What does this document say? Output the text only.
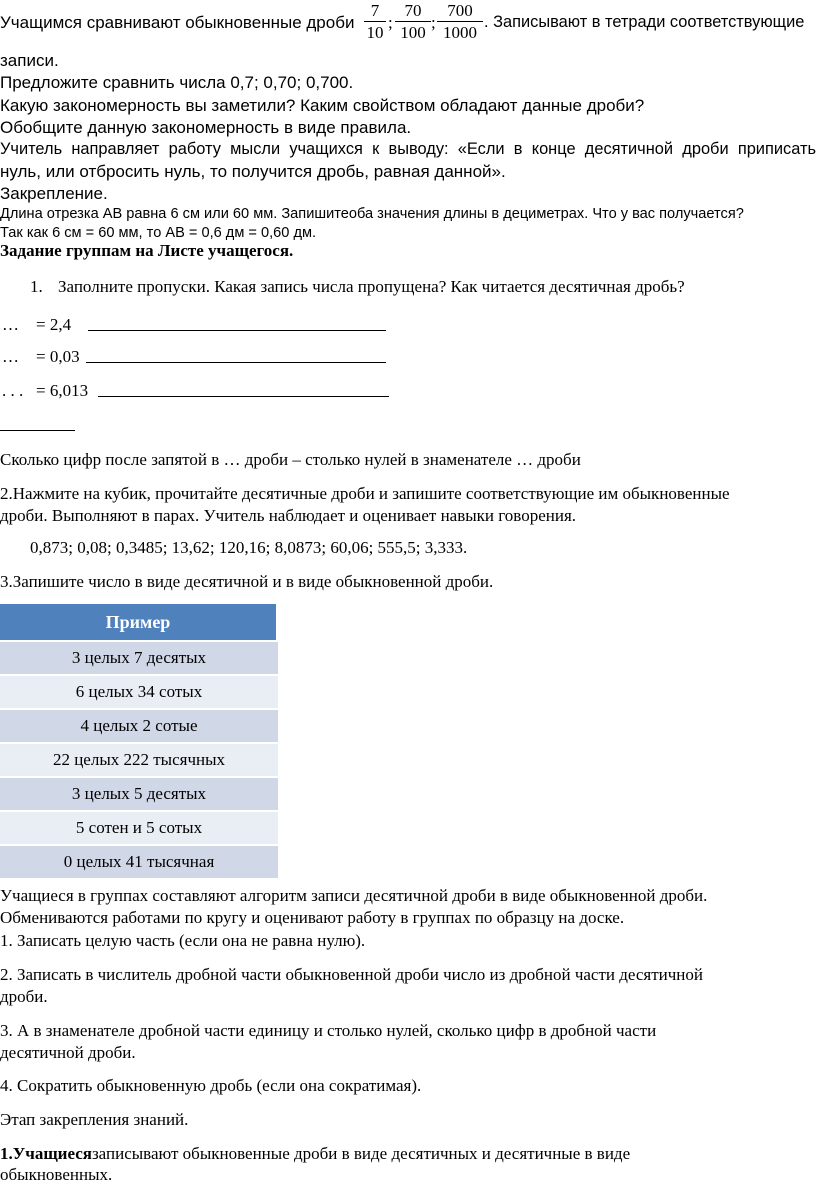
Учащимся сравнивают обыкновенные дроби
7
10
;
70
100
;
700
1000
. Записывают в тетради соответствующие
записи.
Предложите сравнить числа 0,7; 0,70; 0,700.
Какую закономерность вы заметили? Каким свойством обладают данные дроби?
Обобщите данную закономерность в виде правила.
Учитель направляет работу мысли учащихся к выводу: «Если в конце десятичной дроби приписать
нуль, или отбросить нуль, то получится дробь, равная данной».
Закрепление.
Длина отрезка АВ равна 6 см или 60 мм. Запишитеоба значения длины в дециметрах. Что у вас получается?
Так как 6 см = 60 мм, то АВ = 0,6 дм = 0,60 дм.
Задание группам на Листе учащегося.
1. Заполните пропуски. Какая запись числа пропущена? Как читается десятичная дробь?
… = 2,4
… = 0,03
. . . = 6,013
Сколько цифр после запятой в … дроби – столько нулей в знаменателе … дроби
2.Нажмите на кубик, прочитайте десятичные дроби и запишите соответствующие им обыкновенные
дроби. Выполняют в парах. Учитель наблюдает и оценивает навыки говорения.
0,873; 0,08; 0,3485; 13,62; 120,16; 8,0873; 60,06; 555,5; 3,333.
3.Запишите число в виде десятичной и в виде обыкновенной дроби.
Пример
3 целых 7 десятых
6 целых 34 сотых
4 целых 2 сотые
22 целых 222 тысячных
3 целых 5 десятых
5 сотен и 5 сотых
0 целых 41 тысячная
Учащиеся в группах составляют алгоритм записи десятичной дроби в виде обыкновенной дроби.
Обмениваются работами по кругу и оценивают работу в группах по образцу на доске.
1. Записать целую часть (если она не равна нулю).
2. Записать в числитель дробной части обыкновенной дроби число из дробной части десятичной
дроби.
3. А в знаменателе дробной части единицу и столько нулей, сколько цифр в дробной части
десятичной дроби.
4. Сократить обыкновенную дробь (если она сократимая).
Этап закрепления знаний.
1.Учащиесязаписывают обыкновенные дроби в виде десятичных и десятичные в виде
обыкновенных.
